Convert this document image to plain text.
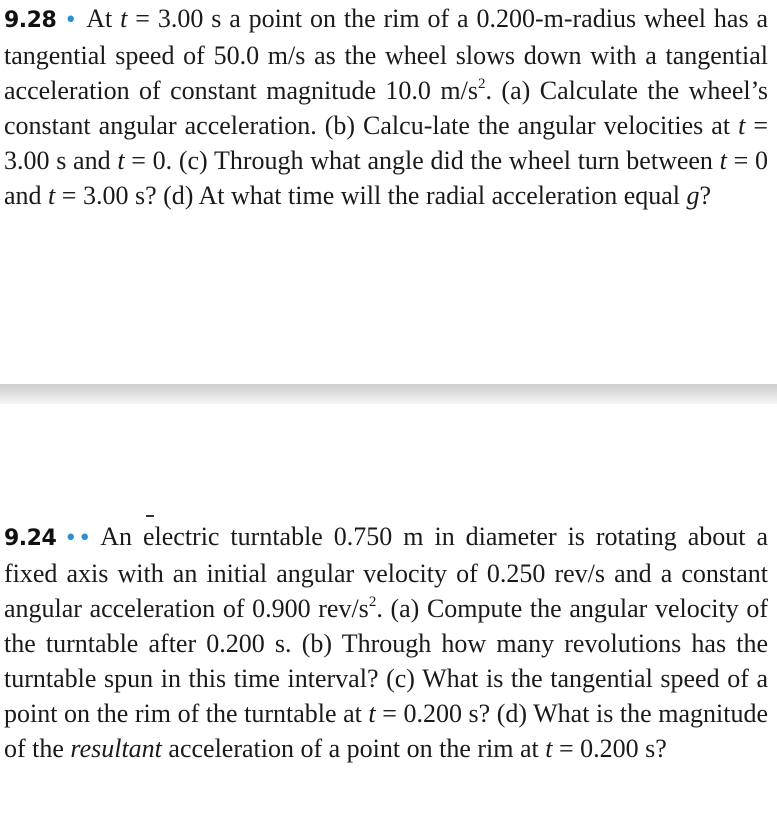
9.28 • At t = 3.00 s a point on the rim of a 0.200-m-radius wheel has a tangential speed of 50.0 m/s as the wheel slows down with a tangential acceleration of constant magnitude 10.0 $m/s^2$. (a) Calculate the wheel’s constant angular acceleration. (b) Calcu-late the angular velocities at t = 3.00 s and t = 0. (c) Through what angle did the wheel turn between t = 0 and t = 3.00 s? (d) At what time will the radial acceleration equal g?
9.24 •• An electric turntable 0.750 m in diameter is rotating about a fixed axis with an initial angular velocity of 0.250 rev/s and a constant angular acceleration of 0.900 rev/$s^2$. (a) Compute the angular velocity of the turntable after 0.200 s. (b) Through how many revolutions has the turntable spun in this time interval? (c) What is the tangential speed of a point on the rim of the turntable at t = 0.200 s? (d) What is the magnitude of the resultant acceleration of a point on the rim at t = 0.200 s?
